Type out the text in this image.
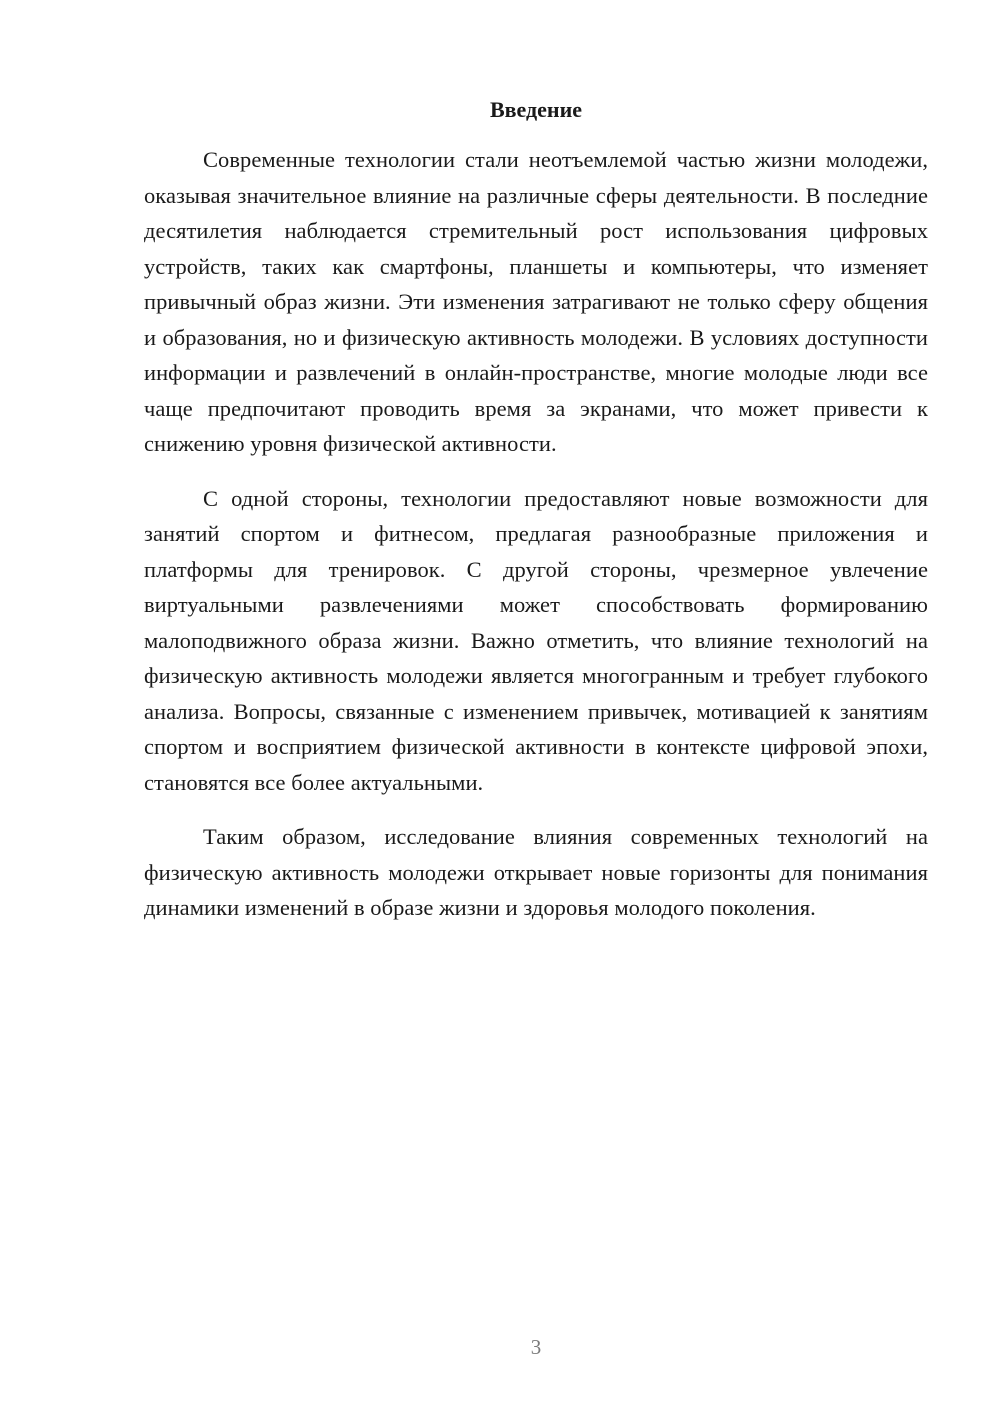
Введение

Современные технологии стали неотъемлемой частью жизни молодежи, оказывая значительное влияние на различные сферы деятельности. В последние десятилетия наблюдается стремительный рост использования цифровых устройств, таких как смартфоны, планшеты и компьютеры, что изменяет привычный образ жизни. Эти изменения затрагивают не только сферу общения и образования, но и физическую активность молодежи. В условиях доступности информации и развлечений в онлайн-пространстве, многие молодые люди все чаще предпочитают проводить время за экранами, что может привести к снижению уровня физической активности.

С одной стороны, технологии предоставляют новые возможности для занятий спортом и фитнесом, предлагая разнообразные приложения и платформы для тренировок. С другой стороны, чрезмерное увлечение виртуальными развлечениями может способствовать формированию малоподвижного образа жизни. Важно отметить, что влияние технологий на физическую активность молодежи является многогранным и требует глубокого анализа. Вопросы, связанные с изменением привычек, мотивацией к занятиям спортом и восприятием физической активности в контексте цифровой эпохи, становятся все более актуальными.

Таким образом, исследование влияния современных технологий на физическую активность молодежи открывает новые горизонты для понимания динамики изменений в образе жизни и здоровья молодого поколения.

3
